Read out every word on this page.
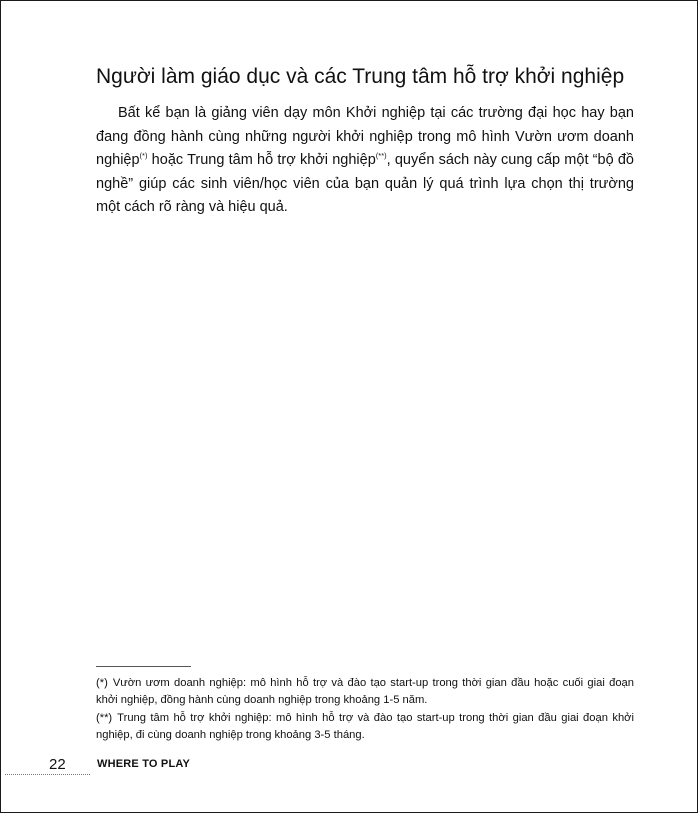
Người làm giáo dục và các Trung tâm hỗ trợ khởi nghiệp

Bất kể bạn là giảng viên dạy môn Khởi nghiệp tại các trường đại học hay bạn đang đồng hành cùng những người khởi nghiệp trong mô hình Vườn ươm doanh nghiệp(*) hoặc Trung tâm hỗ trợ khởi nghiệp(**), quyển sách này cung cấp một “bộ đồ nghề” giúp các sinh viên/học viên của bạn quản lý quá trình lựa chọn thị trường một cách rõ ràng và hiệu quả.

(*) Vườn ươm doanh nghiệp: mô hình hỗ trợ và đào tạo start-up trong thời gian đầu hoặc cuối giai đoạn khởi nghiệp, đồng hành cùng doanh nghiệp trong khoảng 1-5 năm.

(**) Trung tâm hỗ trợ khởi nghiệp: mô hình hỗ trợ và đào tạo start-up trong thời gian đầu giai đoạn khởi nghiệp, đi cùng doanh nghiệp trong khoảng 3-5 tháng.

22	WHERE TO PLAY
